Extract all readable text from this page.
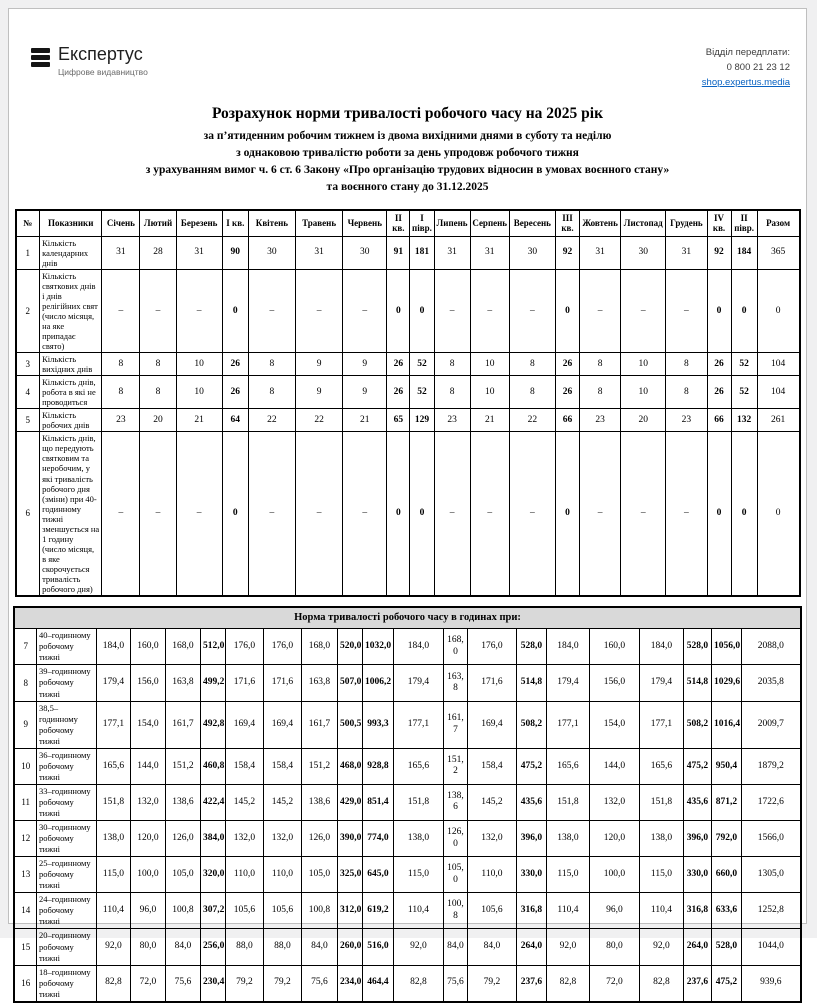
Експертус
Цифрове видавництво
Відділ передплати:
0 800 21 23 12
shop.expertus.media
Розрахунок норми тривалості робочого часу на 2025 рік
за п’ятиденним робочим тижнем із двома вихідними днями в суботу та неділю
з однаковою тривалістю роботи за день упродовж робочого тижня
з урахуванням вимог ч. 6 ст. 6 Закону «Про організацію трудових відносин в умовах воєнного стану»
та воєнного стану до 31.12.2025
№	Показники	Січень	Лютий	Березень	I кв.	Квітень	Травень	Червень	II кв.	I півр.	Липень	Серпень	Вересень	III кв.	Жовтень	Листопад	Грудень	IV кв.	II півр.	Разом
1	Кількість календарних днів	31	28	31	90	30	31	30	91	181	31	31	30	92	31	30	31	92	184	365
2	Кількість святкових днів і днів релігійних свят (число місяця, на яке припадає свято)	–	–	–	0	–	–	–	0	0	–	–	–	0	–	–	–	0	0	0
3	Кількість вихідних днів	8	8	10	26	8	9	9	26	52	8	10	8	26	8	10	8	26	52	104
4	Кількість днів, робота в які не проводиться	8	8	10	26	8	9	9	26	52	8	10	8	26	8	10	8	26	52	104
5	Кількість робочих днів	23	20	21	64	22	22	21	65	129	23	21	22	66	23	20	23	66	132	261
6	Кількість днів, що передують святковим та неробочим, у які тривалість робочого дня (зміни) при 40-годинному тижні зменшується на 1 годину (число місяця, в яке скорочується тривалість робочого дня)	–	–	–	0	–	–	–	0	0	–	–	–	0	–	–	–	0	0	0
Норма тривалості робочого часу в годинах при:																				
7	40–годинному робочому тижні	184,0	160,0	168,0	512,0	176,0	176,0	168,0	520,0	1032,0	184,0	168,0	176,0	528,0	184,0	160,0	184,0	528,0	1056,0	2088,0
8	39–годинному робочому тижні	179,4	156,0	163,8	499,2	171,6	171,6	163,8	507,0	1006,2	179,4	163,8	171,6	514,8	179,4	156,0	179,4	514,8	1029,6	2035,8
9	38,5–годинному робочому тижні	177,1	154,0	161,7	492,8	169,4	169,4	161,7	500,5	993,3	177,1	161,7	169,4	508,2	177,1	154,0	177,1	508,2	1016,4	2009,7
10	36–годинному робочому тижні	165,6	144,0	151,2	460,8	158,4	158,4	151,2	468,0	928,8	165,6	151,2	158,4	475,2	165,6	144,0	165,6	475,2	950,4	1879,2
11	33–годинному робочому тижні	151,8	132,0	138,6	422,4	145,2	145,2	138,6	429,0	851,4	151,8	138,6	145,2	435,6	151,8	132,0	151,8	435,6	871,2	1722,6
12	30–годинному робочому тижні	138,0	120,0	126,0	384,0	132,0	132,0	126,0	390,0	774,0	138,0	126,0	132,0	396,0	138,0	120,0	138,0	396,0	792,0	1566,0
13	25–годинному робочому тижні	115,0	100,0	105,0	320,0	110,0	110,0	105,0	325,0	645,0	115,0	105,0	110,0	330,0	115,0	100,0	115,0	330,0	660,0	1305,0
14	24–годинному робочому тижні	110,4	96,0	100,8	307,2	105,6	105,6	100,8	312,0	619,2	110,4	100,8	105,6	316,8	110,4	96,0	110,4	316,8	633,6	1252,8
15	20–годинному робочому тижні	92,0	80,0	84,0	256,0	88,0	88,0	84,0	260,0	516,0	92,0	84,0	84,0	264,0	92,0	80,0	92,0	264,0	528,0	1044,0
16	18–годинному робочому тижні	82,8	72,0	75,6	230,4	79,2	79,2	75,6	234,0	464,4	82,8	75,6	79,2	237,6	82,8	72,0	82,8	237,6	475,2	939,6
